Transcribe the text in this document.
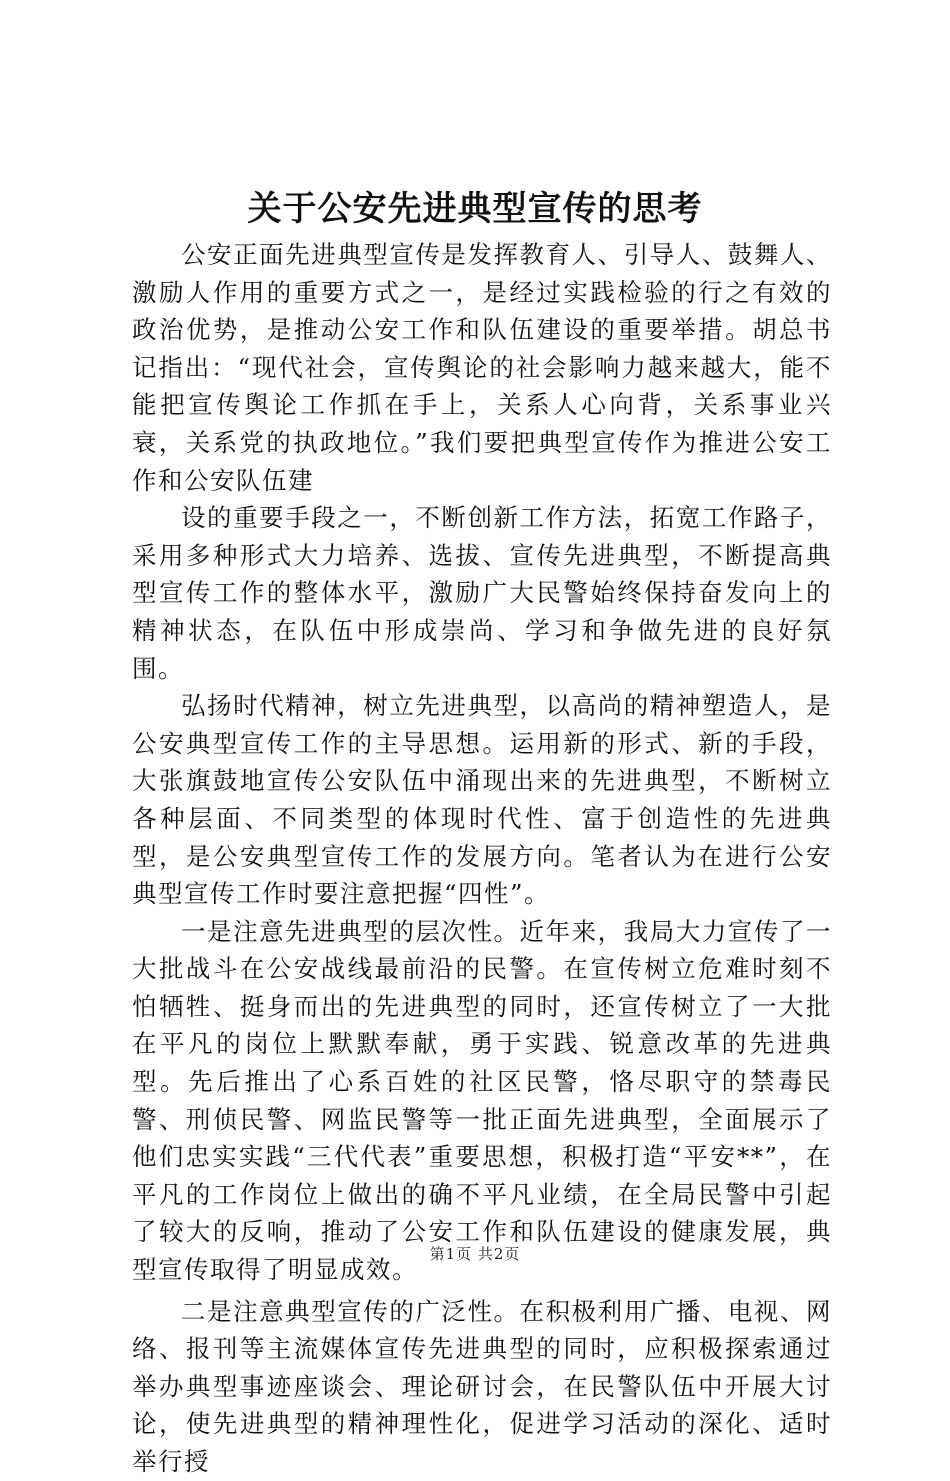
关于公安先进典型宣传的思考

公安正面先进典型宣传是发挥教育人、引导人、鼓舞人、激励人作用的重要方式之一，是经过实践检验的行之有效的政治优势，是推动公安工作和队伍建设的重要举措。胡总书记指出：“现代社会，宣传舆论的社会影响力越来越大，能不能把宣传舆论工作抓在手上，关系人心向背，关系事业兴衰，关系党的执政地位。”我们要把典型宣传作为推进公安工作和公安队伍建

设的重要手段之一，不断创新工作方法，拓宽工作路子，采用多种形式大力培养、选拔、宣传先进典型，不断提高典型宣传工作的整体水平，激励广大民警始终保持奋发向上的精神状态，在队伍中形成崇尚、学习和争做先进的良好氛围。

弘扬时代精神，树立先进典型，以高尚的精神塑造人，是公安典型宣传工作的主导思想。运用新的形式、新的手段，大张旗鼓地宣传公安队伍中涌现出来的先进典型，不断树立各种层面、不同类型的体现时代性、富于创造性的先进典型，是公安典型宣传工作的发展方向。笔者认为在进行公安典型宣传工作时要注意把握“四性”。

一是注意先进典型的层次性。近年来，我局大力宣传了一大批战斗在公安战线最前沿的民警。在宣传树立危难时刻不怕牺牲、挺身而出的先进典型的同时，还宣传树立了一大批在平凡的岗位上默默奉献，勇于实践、锐意改革的先进典型。先后推出了心系百姓的社区民警，恪尽职守的禁毒民警、刑侦民警、网监民警等一批正面先进典型，全面展示了他们忠实实践“三代代表”重要思想，积极打造“平安**”，在平凡的工作岗位上做出的确不平凡业绩，在全局民警中引起了较大的反响，推动了公安工作和队伍建设的健康发展，典型宣传取得了明显成效。

二是注意典型宣传的广泛性。在积极利用广播、电视、网络、报刊等主流媒体宣传先进典型的同时，应积极探索通过举办典型事迹座谈会、理论研讨会，在民警队伍中开展大讨论，使先进典型的精神理性化，促进学习活动的深化、适时举行授

第1页 共2页
